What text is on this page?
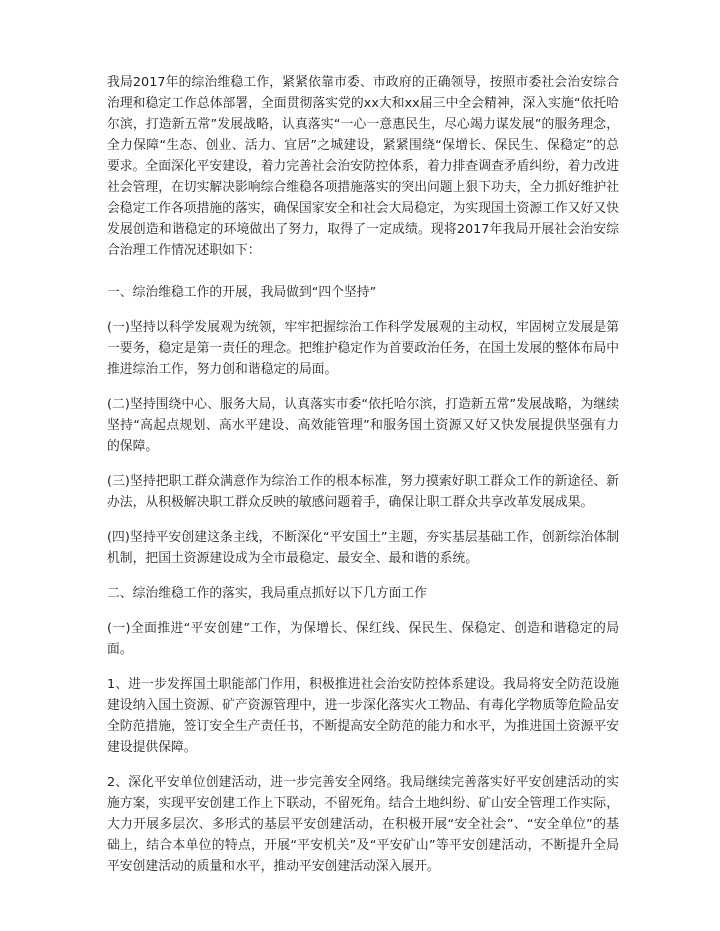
我局2017年的综治维稳工作，紧紧依靠市委、市政府的正确领导，按照市委社会治安综合治理和稳定工作总体部署，全面贯彻落实党的xx大和xx届三中全会精神，深入实施“依托哈尔滨，打造新五常”发展战略，认真落实“一心一意惠民生，尽心竭力谋发展”的服务理念，全力保障“生态、创业、活力、宜居”之城建设，紧紧围绕“保增长、保民生、保稳定”的总要求。全面深化平安建设，着力完善社会治安防控体系，着力排查调查矛盾纠纷，着力改进社会管理，在切实解决影响综合维稳各项措施落实的突出问题上狠下功夫，全力抓好维护社会稳定工作各项措施的落实，确保国家安全和社会大局稳定，为实现国土资源工作又好又快发展创造和谐稳定的环境做出了努力，取得了一定成绩。现将2017年我局开展社会治安综合治理工作情况述职如下：

一、综治维稳工作的开展，我局做到“四个坚持”

(一)坚持以科学发展观为统领，牢牢把握综治工作科学发展观的主动权，牢固树立发展是第一要务，稳定是第一责任的理念。把维护稳定作为首要政治任务，在国土发展的整体布局中推进综治工作，努力创和谐稳定的局面。

(二)坚持围绕中心、服务大局，认真落实市委“依托哈尔滨，打造新五常”发展战略，为继续坚持“高起点规划、高水平建设、高效能管理”和服务国土资源又好又快发展提供坚强有力的保障。

(三)坚持把职工群众满意作为综治工作的根本标准，努力摸索好职工群众工作的新途径、新办法，从积极解决职工群众反映的敏感问题着手，确保让职工群众共享改革发展成果。

(四)坚持平安创建这条主线，不断深化“平安国土”主题，夯实基层基础工作，创新综治体制机制，把国土资源建设成为全市最稳定、最安全、最和谐的系统。

二、综治维稳工作的落实，我局重点抓好以下几方面工作

(一)全面推进“平安创建”工作，为保增长、保红线、保民生、保稳定、创造和谐稳定的局面。

1、进一步发挥国土职能部门作用，积极推进社会治安防控体系建设。我局将安全防范设施建设纳入国土资源、矿产资源管理中，进一步深化落实火工物品、有毒化学物质等危险品安全防范措施，签订安全生产责任书，不断提高安全防范的能力和水平，为推进国土资源平安建设提供保障。

2、深化平安单位创建活动，进一步完善安全网络。我局继续完善落实好平安创建活动的实施方案，实现平安创建工作上下联动，不留死角。结合土地纠纷、矿山安全管理工作实际，大力开展多层次、多形式的基层平安创建活动，在积极开展“安全社会”、“安全单位”的基础上，结合本单位的特点，开展“平安机关”及“平安矿山”等平安创建活动，不断提升全局平安创建活动的质量和水平，推动平安创建活动深入展开。
